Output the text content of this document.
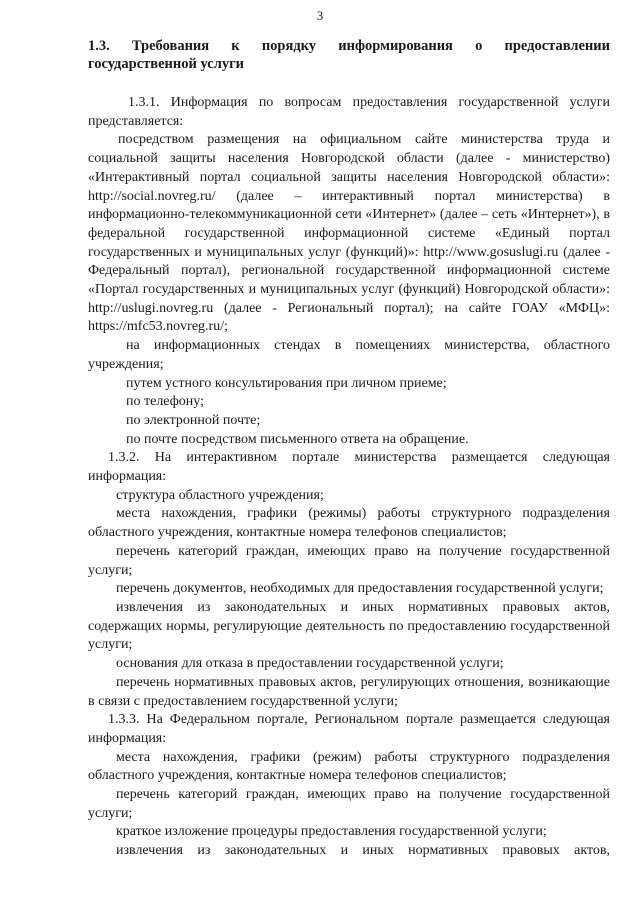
3
1.3. Требования к порядку информирования о предоставлении государственной услуги

1.3.1. Информация по вопросам предоставления государственной услуги представляется:

посредством размещения на официальном сайте министерства труда и социальной защиты населения Новгородской области (далее - министерство) «Интерактивный портал социальной защиты населения Новгородской области»: http://social.novreg.ru/ (далее – интерактивный портал министерства) в информационно-телекоммуникационной сети «Интернет» (далее – сеть «Интернет»), в федеральной государственной информационной системе «Единый портал государственных и муниципальных услуг (функций)»: http://www.gosuslugi.ru (далее - Федеральный портал), региональной государственной информационной системе «Портал государственных и муниципальных услуг (функций) Новгородской области»: http://uslugi.novreg.ru (далее - Региональный портал); на сайте ГОАУ «МФЦ»: https://mfc53.novreg.ru/;

на информационных стендах в помещениях министерства, областного учреждения;

путем устного консультирования при личном приеме;

по телефону;

по электронной почте;

по почте посредством письменного ответа на обращение.

1.3.2. На интерактивном портале министерства размещается следующая информация:

структура областного учреждения;

места нахождения, графики (режимы) работы структурного подразделения областного учреждения, контактные номера телефонов специалистов;

перечень категорий граждан, имеющих право на получение государственной услуги;

перечень документов, необходимых для предоставления государственной услуги;

извлечения из законодательных и иных нормативных правовых актов, содержащих нормы, регулирующие деятельность по предоставлению государственной услуги;

основания для отказа в предоставлении государственной услуги;

перечень нормативных правовых актов, регулирующих отношения, возникающие в связи с предоставлением государственной услуги;

1.3.3. На Федеральном портале, Региональном портале размещается следующая информация:

места нахождения, графики (режим) работы структурного подразделения областного учреждения, контактные номера телефонов специалистов;

перечень категорий граждан, имеющих право на получение государственной услуги;

краткое изложение процедуры предоставления государственной услуги;

извлечения из законодательных и иных нормативных правовых актов,
